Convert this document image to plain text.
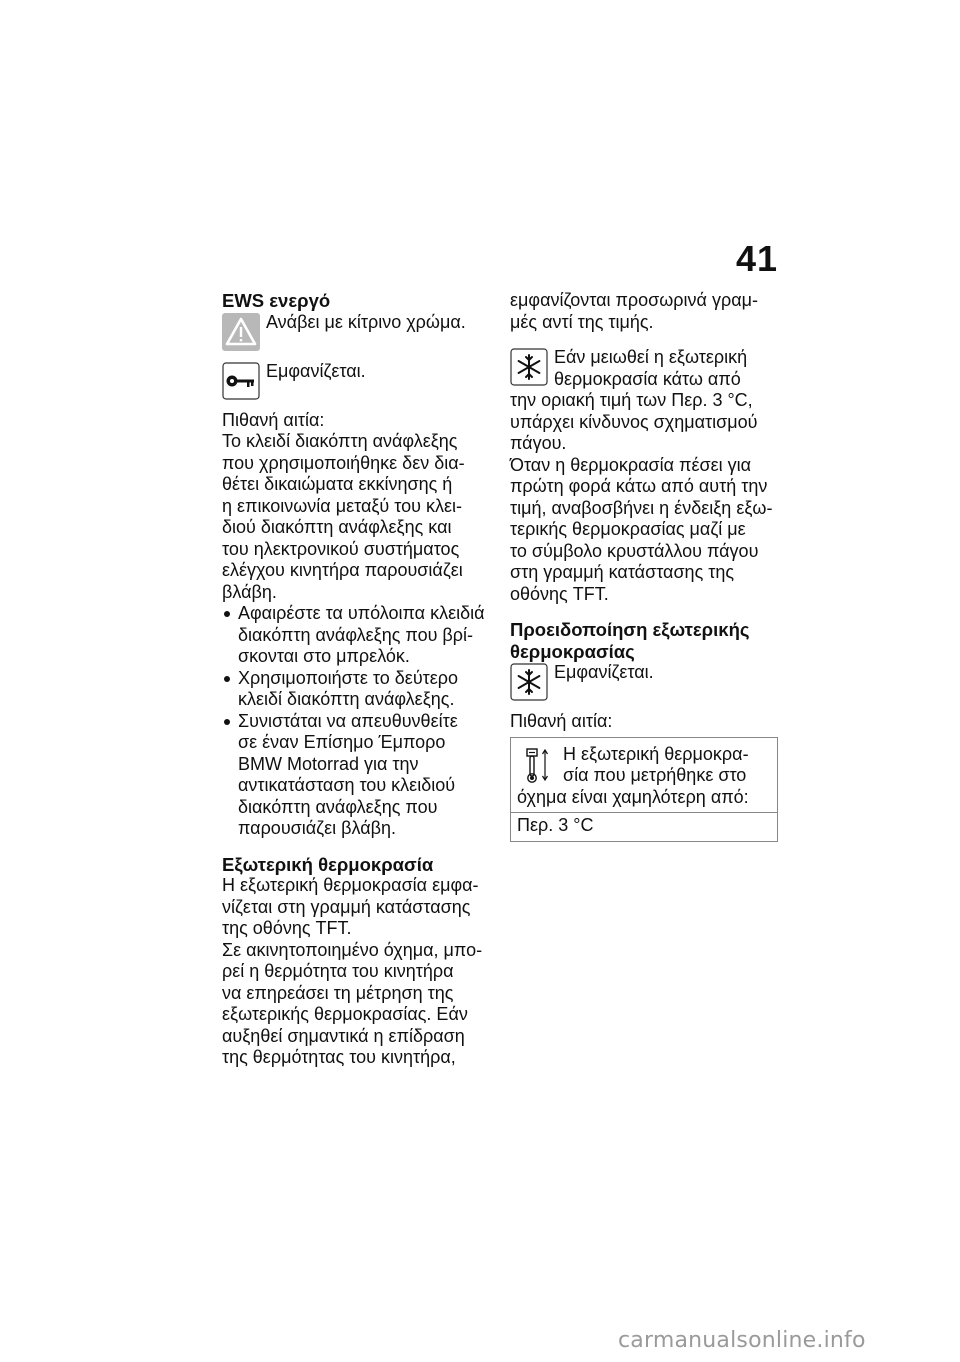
41
EWS ενεργό
Ανάβει με κίτρινο χρώμα.
Εμφανίζεται.

Πιθανή αιτία:

Το κλειδί διακόπτη ανάφλεξης
που χρησιμοποιήθηκε δεν δια-
θέτει δικαιώματα εκκίνησης ή
η επικοινωνία μεταξύ του κλει-
διού διακόπτη ανάφλεξης και
του ηλεκτρονικού συστήματος
ελέγχου κινητήρα παρουσιάζει
βλάβη.

Αφαιρέστε τα υπόλοιπα κλειδιά
διακόπτη ανάφλεξης που βρί-
σκονται στο μπρελόκ.
Χρησιμοποιήστε το δεύτερο
κλειδί διακόπτη ανάφλεξης.
Συνιστάται να απευθυνθείτε
σε έναν Επίσημο Έμπορο
BMW Motorrad για την
αντικατάσταση του κλειδιού
διακόπτη ανάφλεξης που
παρουσιάζει βλάβη.
Εξωτερική θερμοκρασία

Η εξωτερική θερμοκρασία εμφα-
νίζεται στη γραμμή κατάστασης
της οθόνης TFT.
Σε ακινητοποιημένο όχημα, μπο-
ρεί η θερμότητα του κινητήρα
να επηρεάσει τη μέτρηση της
εξωτερικής θερμοκρασίας. Εάν
αυξηθεί σημαντικά η επίδραση
της θερμότητας του κινητήρα,

εμφανίζονται προσωρινά γραμ-
μές αντί της τιμής.

Εάν μειωθεί η εξωτερική
θερμοκρασία κάτω από

την οριακή τιμή των Περ. 3 °C,
υπάρχει κίνδυνος σχηματισμού
πάγου.
Όταν η θερμοκρασία πέσει για
πρώτη φορά κάτω από αυτή την
τιμή, αναβοσβήνει η ένδειξη εξω-
τερικής θερμοκρασίας μαζί με
το σύμβολο κρυστάλλου πάγου
στη γραμμή κατάστασης της
οθόνης TFT.

Προειδοποίηση εξωτερικής
θερμοκρασίας
Εμφανίζεται.

Πιθανή αιτία:

Η εξωτερική θερμοκρα-
σία που μετρήθηκε στο
όχημα είναι χαμηλότερη από:
Περ. 3 °C
carmanualsonline.info
